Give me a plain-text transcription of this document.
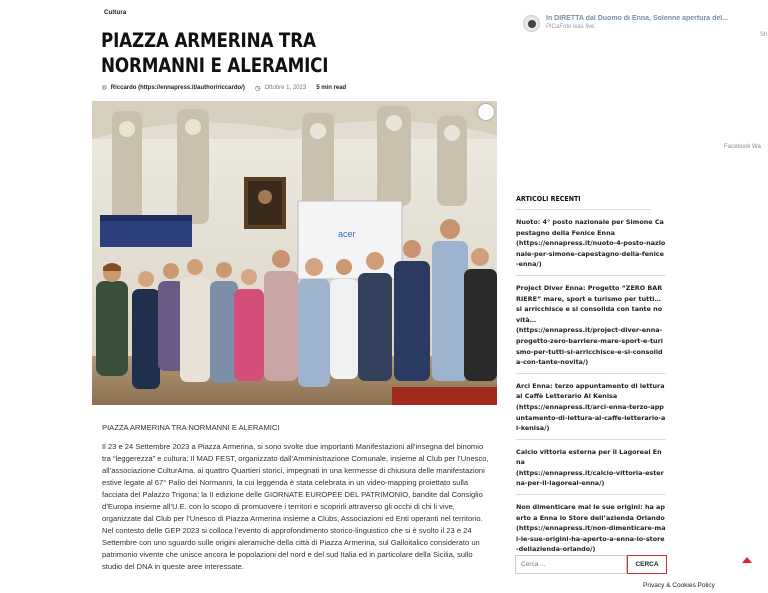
Cultura
PIAZZA ARMERINA TRA NORMANNI E ALERAMICI
® Riccardo (https://ennapress.it/author/riccardo/) ◷ Ottobre 1, 2023 5 min read
acer

PIAZZA ARMERINA TRA NORMANNI E ALERAMICI

Il 23 e 24 Settembre 2023 a Piazza Armerina, si sono svolte due importanti Manifestazioni all’insegna del binomio tra “leggerezza” e cultura: Il MAD FEST, organizzato dall’Amministrazione Comunale, insieme al Club per l’Unesco, all’associazione CulturAma, ai quattro Quartieri storici, impegnati in una kermesse di chiusura delle manifestazioni estive legate al 67° Palio dei Normanni, la cui leggenda è stata celebrata in un video-mapping proiettato sulla facciata del Palazzo Trigona; la II edizione delle GIORNATE EUROPEE DEL PATRIMONIO, bandite dal Consiglio d’Europa insieme all’U.E. con lo scopo di promuovere i territori e scoprirli attraverso gli occhi di chi li vive, organizzate dal Club per l’Unesco di Piazza Armerina insieme a Clubs, Associazioni ed Enti operanti nel territorio. Nel contesto delle GEP 2023 si colloca l’evento di approfondimento storico-linguistico che si è svolto il 23 e 24 Settembre con uno sguardo sulle origini aleramiche della città di Piazza Armerina, sul Galloitalico considerato un patrimonio vivente che unisce ancora le popolazioni del nord e del sud Italia ed in particolare della Sicilia, sullo studio del DNA in queste aree interessate.

In DIRETTA dal Duomo di Enna, Solenne apertura del...
PICaFoto was live
Sh
Facebook Wa
ARTICOLI RECENTI
Nuoto: 4° posto nazionale per Simone Capestagno della Fenice Enna
(https://ennapress.it/nuoto-4-posto-nazionale-per-simone-capestagno-della-fenice-enna/)
Project Diver Enna: Progetto “ZERO BARRIERE” mare, sport e turismo per tutti… si arricchisce e si consolida con tante novità…
(https://ennapress.it/project-diver-enna-progetto-zero-barriere-mare-sport-e-turismo-per-tutti-si-arricchisce-e-si-consolida-con-tante-novita/)
Arci Enna: terzo appuntamento di lettura al Caffè Letterario Al Kenisa
(https://ennapress.it/arci-enna-terzo-appuntamento-di-lettura-al-caffe-letterario-al-kenisa/)
Calcio vittoria esterna per il Lagoreal Enna
(https://ennapress.it/calcio-vittoria-esterna-per-il-lagoreal-enna/)
Non dimenticare mai le sue origini: ha aperto a Enna lo Store dell’azienda Orlando
(https://ennapress.it/non-dimenticare-mai-le-sue-origini-ha-aperto-a-enna-lo-store-dellazienda-orlando/)
Cerca ...	CERCA
Privacy & Cookies Policy
